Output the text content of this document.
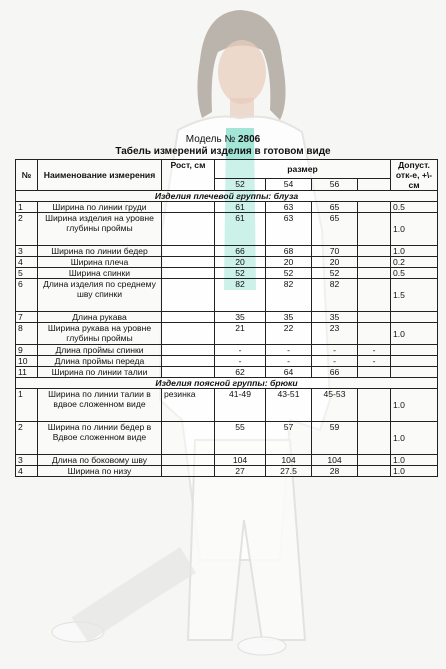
Модель № 2806
Табель измерений изделия в готовом виде
№	Наименование измерения	Рост, см	размер				Допуст. отк-е, +\-см
			52	54	56		
Изделия плечевой группы: блуза							
1	Ширина по линии груди		61	63	65		0.5
2	Ширина изделия на уровне глубины проймы		61	63	65		1.0
3	Ширина по линии бедер		66	68	70		1.0
4	Ширина плеча		20	20	20		0.2
5	Ширина спинки		52	52	52		0.5
6	Длина изделия по среднему шву спинки		82	82	82		1.5
7	Длина рукава		35	35	35		
8	Ширина рукава на уровне глубины проймы		21	22	23		1.0
9	Длина проймы спинки		-	-	-	-	
10	Длина проймы переда		-	-	-	-	
11	Ширина по линии талии		62	64	66		
Изделия поясной группы: брюки							
1	Ширина по линии талии в вдвое сложенном виде	резинка	41-49	43-51	45-53		1.0
2	Ширина по линии бедер в Вдвое сложенном виде		55	57	59		1.0
3	Длина по боковому шву		104	104	104		1.0
4	Ширина по низу		27	27.5	28		1.0
